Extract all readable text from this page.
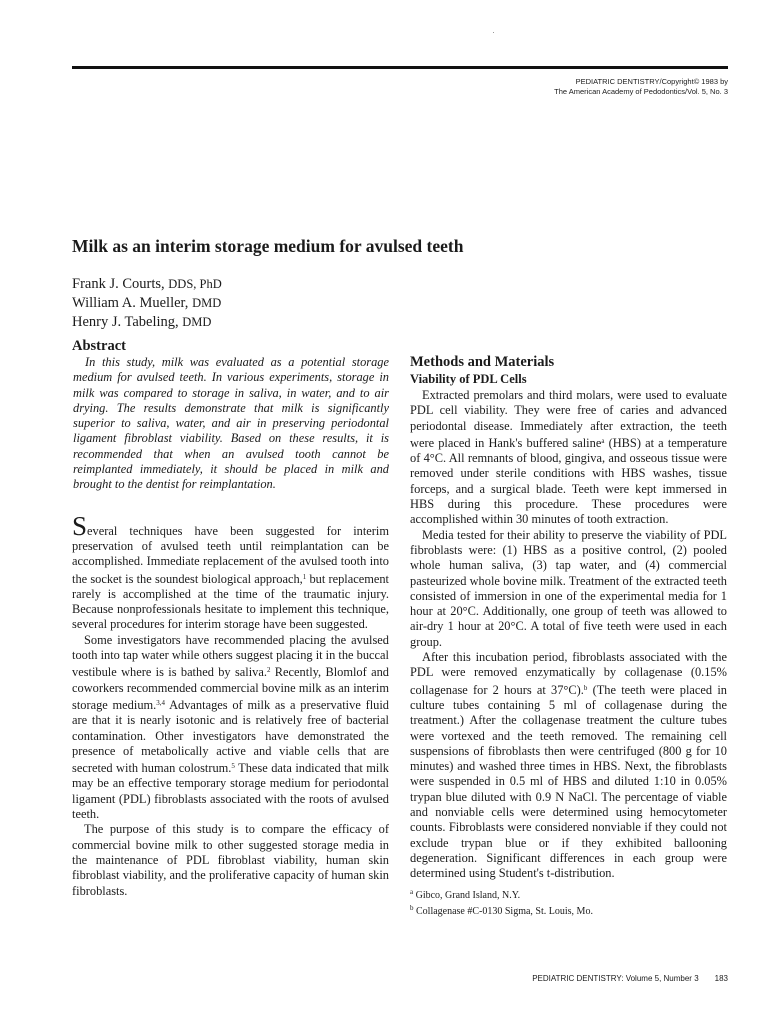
PEDIATRIC DENTISTRY/Copyright© 1983 by
The American Academy of Pedodontics/Vol. 5, No. 3
Milk as an interim storage medium for avulsed teeth
Frank J. Courts, DDS, PhD
William A. Mueller, DMD
Henry J. Tabeling, DMD
Abstract

In this study, milk was evaluated as a potential storage medium for avulsed teeth. In various experiments, storage in milk was compared to storage in saliva, in water, and to air drying. The results demonstrate that milk is significantly superior to saliva, water, and air in preserving periodontal ligament fibroblast viability. Based on these results, it is recommended that when an avulsed tooth cannot be reimplanted immediately, it should be placed in milk and brought to the dentist for reimplantation.

Several techniques have been suggested for interim preservation of avulsed teeth until reimplantation can be accomplished. Immediate replacement of the avulsed tooth into the socket is the soundest biological approach,$^1$ but replacement rarely is accomplished at the time of the traumatic injury. Because nonprofessionals hesitate to implement this technique, several procedures for interim storage have been suggested.

Some investigators have recommended placing the avulsed tooth into tap water while others suggest placing it in the buccal vestibule where is is bathed by saliva.$^2$ Recently, Blomlof and coworkers recommended commercial bovine milk as an interim storage medium.$^{3,4}$ Advantages of milk as a preservative fluid are that it is nearly isotonic and is relatively free of bacterial contamination. Other investigators have demonstrated the presence of metabolically active and viable cells that are secreted with human colostrum.$^5$ These data indicated that milk may be an effective temporary storage medium for periodontal ligament (PDL) fibroblasts associated with the roots of avulsed teeth.

The purpose of this study is to compare the efficacy of commercial bovine milk to other suggested storage media in the maintenance of PDL fibroblast viability, human skin fibroblast viability, and the proliferative capacity of human skin fibroblasts.

Methods and Materials
Viability of PDL Cells

Extracted premolars and third molars, were used to evaluate PDL cell viability. They were free of caries and advanced periodontal disease. Immediately after extraction, the teeth were placed in Hank's buffered saline$^a$ (HBS) at a temperature of 4°C. All remnants of blood, gingiva, and osseous tissue were removed under sterile conditions with HBS washes, tissue forceps, and a surgical blade. Teeth were kept immersed in HBS during this procedure. These procedures were accomplished within 30 minutes of tooth extraction.

Media tested for their ability to preserve the viability of PDL fibroblasts were: (1) HBS as a positive control, (2) pooled whole human saliva, (3) tap water, and (4) commercial pasteurized whole bovine milk. Treatment of the extracted teeth consisted of immersion in one of the experimental media for 1 hour at 20°C. Additionally, one group of teeth was allowed to air-dry 1 hour at 20°C. A total of five teeth were used in each group.

After this incubation period, fibroblasts associated with the PDL were removed enzymatically by collagenase (0.15% collagenase for 2 hours at 37°C).$^b$ (The teeth were placed in culture tubes containing 5 ml of collagenase during the treatment.) After the collagenase treatment the culture tubes were vortexed and the teeth removed. The remaining cell suspensions of fibroblasts then were centrifuged (800 g for 10 minutes) and washed three times in HBS. Next, the fibroblasts were suspended in 0.5 ml of HBS and diluted 1:10 in 0.05% trypan blue diluted with 0.9 N NaCl. The percentage of viable and nonviable cells were determined using hemocytometer counts. Fibroblasts were considered nonviable if they could not exclude trypan blue or if they exhibited ballooning degeneration. Significant differences in each group were determined using Student's t-distribution.

$^a$ Gibco, Grand Island, N.Y.
$^b$ Collagenase #C-0130 Sigma, St. Louis, Mo.
PEDIATRIC DENTISTRY: Volume 5, Number 3 183
